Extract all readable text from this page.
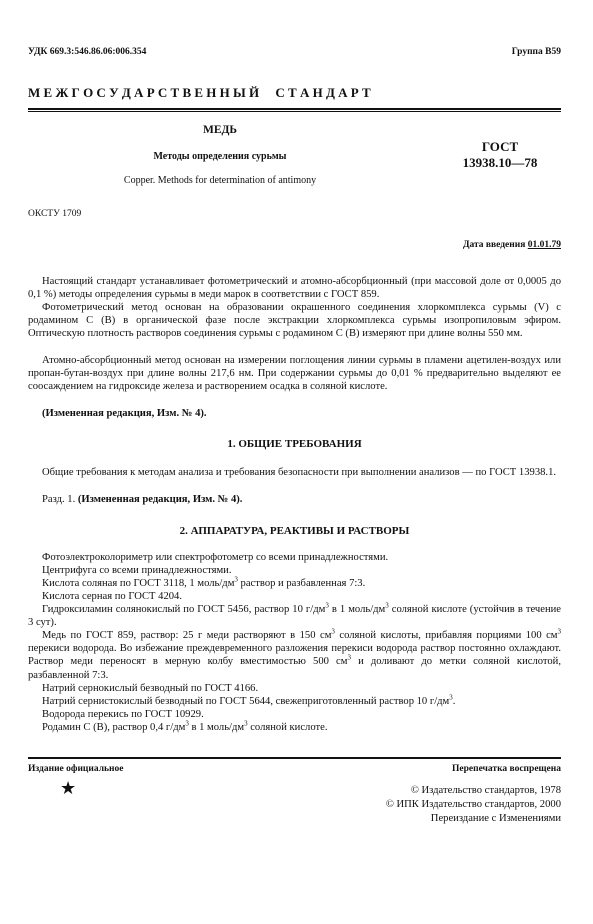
УДК 669.3:546.86.06:006.354	Группа В59
М Е Ж Г О С У Д А Р С Т В Е Н Н Ы Й     С Т А Н Д А Р Т
МЕДЬ
Методы определения сурьмы
Copper. Methods for determination of antimony
ГОСТ
13938.10—78
ОКСТУ 1709
Дата введения 01.01.79
Настоящий стандарт устанавливает фотометрический и атомно-абсорбционный (при массовой доле от 0,0005 до 0,1 %) методы определения сурьмы в меди марок в соответствии с ГОСТ 859.
Фотометрический метод основан на образовании окрашенного соединения хлоркомплекса сурьмы (V) с родамином С (В) в органической фазе после экстракции хлоркомплекса сурьмы изопропиловым эфиром. Оптическую плотность растворов соединения сурьмы с родамином С (В) измеряют при длине волны 550 мм.
Атомно-абсорбционный метод основан на измерении поглощения линии сурьмы в пламени ацетилен-воздух или пропан-бутан-воздух при длине волны 217,6 нм. При содержании сурьмы до 0,01 % предварительно выделяют ее соосаждением на гидроксиде железа и растворением осадка в соляной кислоте.
(Измененная редакция, Изм. № 4).
1. ОБЩИЕ ТРЕБОВАНИЯ
Общие требования к методам анализа и требования безопасности при выполнении анализов — по ГОСТ 13938.1.
Разд. 1. (Измененная редакция, Изм. № 4).
2. АППАРАТУРА, РЕАКТИВЫ И РАСТВОРЫ
Фотоэлектроколориметр или спектрофотометр со всеми принадлежностями.
Центрифуга со всеми принадлежностями.
Кислота соляная по ГОСТ 3118, 1 моль/$дм^3$ раствор и разбавленная 7:3.
Кислота серная по ГОСТ 4204.
Гидроксиламин солянокислый по ГОСТ 5456, раствор 10 $г/дм^3$ в 1 моль/$дм^3$ соляной кислоте (устойчив в течение 3 сут).
Медь по ГОСТ 859, раствор: 25 г меди растворяют в 150 $см^3$ соляной кислоты, прибавляя порциями 100 $см^3$ перекиси водорода. Во избежание преждевременного разложения перекиси водорода раствор постоянно охлаждают. Раствор меди переносят в мерную колбу вместимостью 500 $см^3$ и доливают до метки соляной кислотой, разбавленной 7:3.
Натрий сернокислый безводный по ГОСТ 4166.
Натрий сернистокислый безводный по ГОСТ 5644, свежеприготовленный раствор 10 $г/дм^3$.
Водорода перекись по ГОСТ 10929.
Родамин С (В), раствор 0,4 $г/дм^3$ в 1 моль/$дм^3$ соляной кислоте.
Издание официальное	Перепечатка воспрещена
★	© Издательство стандартов, 1978
© ИПК Издательство стандартов, 2000
Переиздание с Изменениями
